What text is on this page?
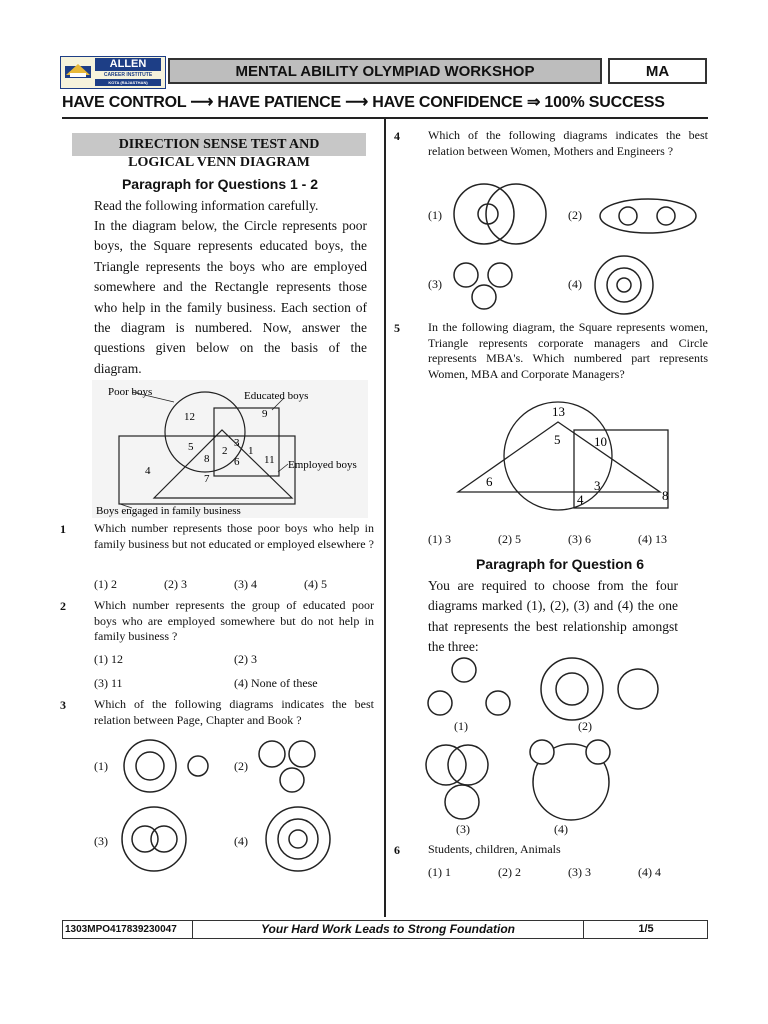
ALLEN
CAREER INSTITUTE
KOTA (RAJASTHAN)
MENTAL ABILITY OLYMPIAD WORKSHOP	MA
HAVE CONTROL ⟶ HAVE PATIENCE ⟶ HAVE CONFIDENCE ⇒ 100% SUCCESS
DIRECTION SENSE TEST AND
LOGICAL VENN DIAGRAM
Paragraph for Questions 1 - 2
Read the following information carefully.
In the diagram below, the Circle represents poor boys, the Square represents educated boys, the Triangle represents the boys who are employed somewhere and the Rectangle represents those who help in the family business. Each section of the diagram is numbered. Now, answer the questions given below on the basis of the diagram.
Poor boys	Educated boys
Employed boys
Boys engaged in family business
12	9
5	3
2
8
1
6 11
7
4
1 Which number represents those poor boys who help in family business but not educated or employed elsewhere ?
(1) 2	(2) 3	(3) 4	(4) 5
2 Which number represents the group of educated poor boys who are employed somewhere but do not help in family business ?
(1) 12	(2) 3
(3) 11	(4) None of these
3 Which of the following diagrams indicates the best relation between Page, Chapter and Book ?
(1)	(2)
(3)	(4)
4 Which of the following diagrams indicates the best relation between Women, Mothers and Engineers ?
(1)	(2)
(3)	(4)
5 In the following diagram, the Square represents women, Triangle represents corporate managers and Circle represents MBA's. Which numbered part represents Women, MBA and Corporate Managers?
13
5	10
6	3
4	8
(1) 3	(2) 5	(3) 6	(4) 13
Paragraph for Question 6
You are required to choose from the four diagrams marked (1), (2), (3) and (4) the one that represents the best relationship amongst the three:
(1)	(2)
(3)	(4)
6 Students, children, Animals
(1) 1	(2) 2	(3) 3	(4) 4
1303MPO417839230047	Your Hard Work Leads to Strong Foundation	1/5
